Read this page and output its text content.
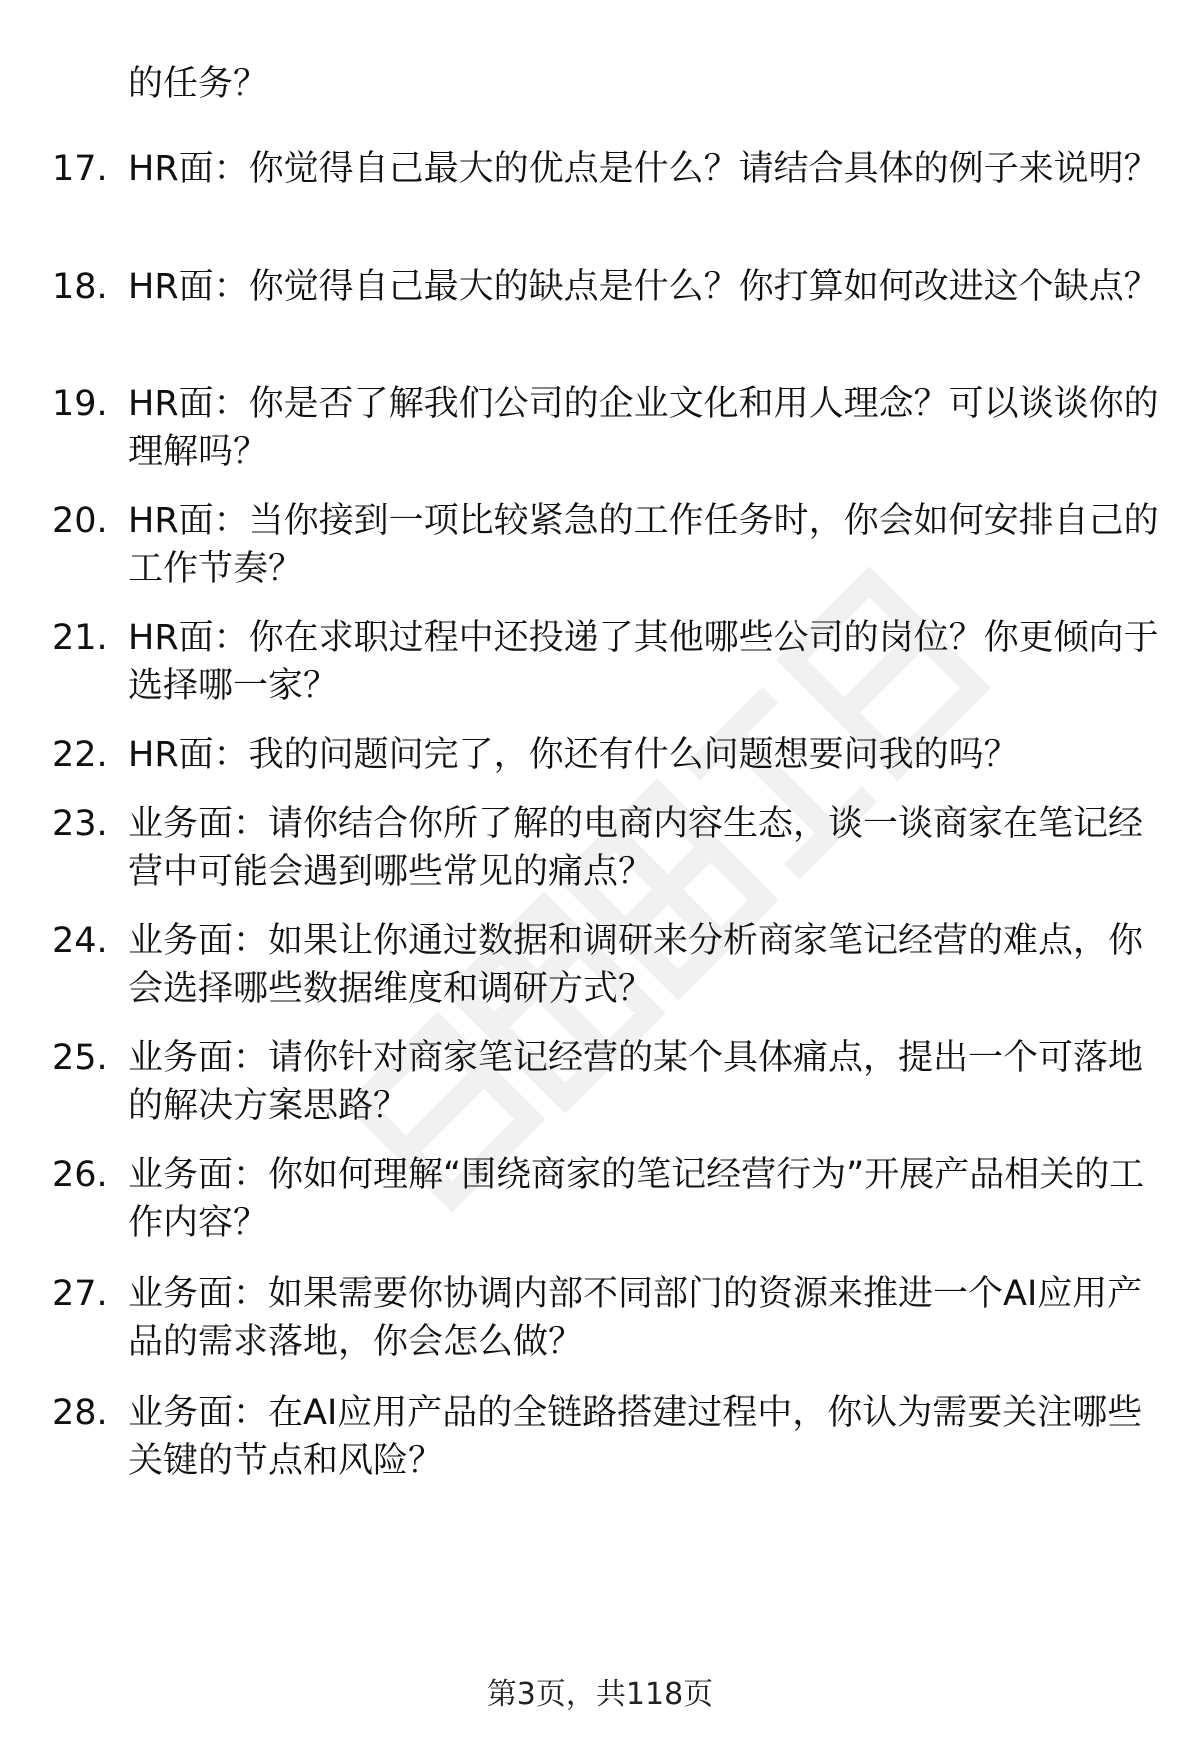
的任务？
17. HR面：你觉得自己最大的优点是什么？请结合具体的例子来说明？
18. HR面：你觉得自己最大的缺点是什么？你打算如何改进这个缺点？
19. HR面：你是否了解我们公司的企业文化和用人理念？可以谈谈你的理解吗？
20. HR面：当你接到一项比较紧急的工作任务时，你会如何安排自己的工作节奏？
21. HR面：你在求职过程中还投递了其他哪些公司的岗位？你更倾向于选择哪一家？
22. HR面：我的问题问完了，你还有什么问题想要问我的吗？
23. 业务面：请你结合你所了解的电商内容生态，谈一谈商家在笔记经营中可能会遇到哪些常见的痛点？
24. 业务面：如果让你通过数据和调研来分析商家笔记经营的难点，你会选择哪些数据维度和调研方式？
25. 业务面：请你针对商家笔记经营的某个具体痛点，提出一个可落地的解决方案思路？
26. 业务面：你如何理解“围绕商家的笔记经营行为”开展产品相关的工作内容？
27. 业务面：如果需要你协调内部不同部门的资源来推进一个AI应用产品的需求落地，你会怎么做？
28. 业务面：在AI应用产品的全链路搭建过程中，你认为需要关注哪些关键的节点和风险？
第3页，共118页
